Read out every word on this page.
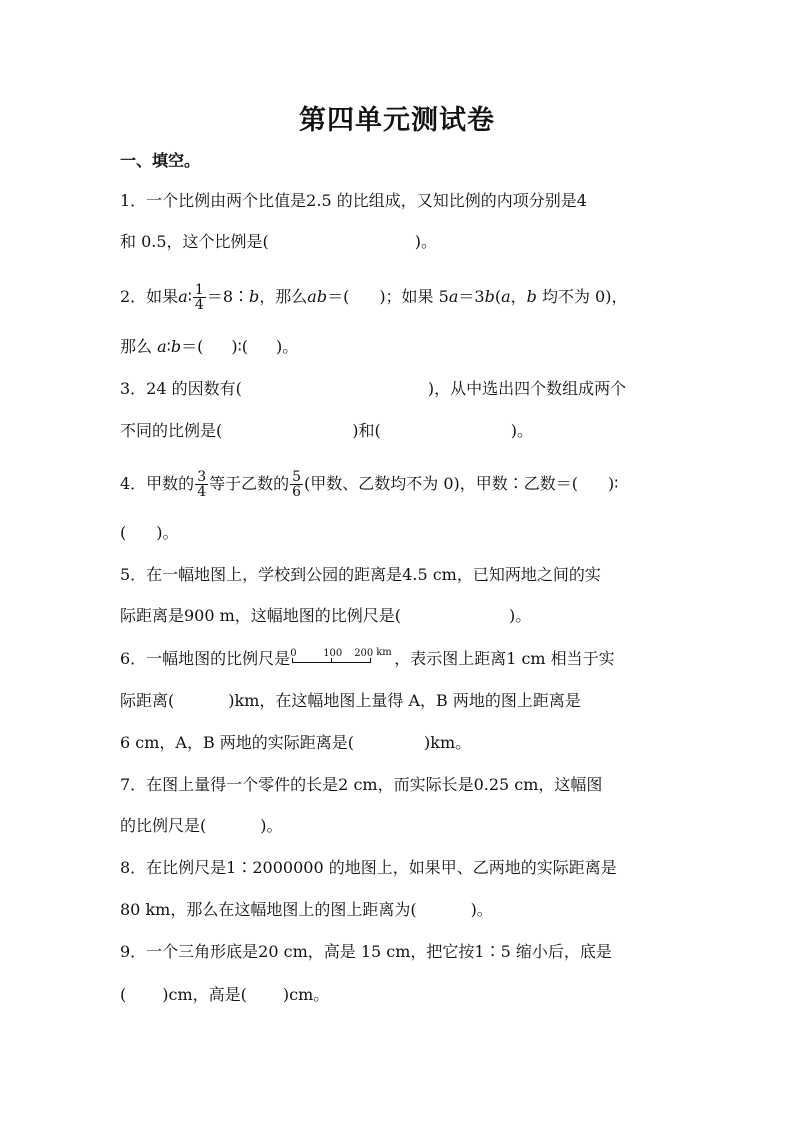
第四单元测试卷
一、填空。
1．一个比例由两个比值是2.5 的比组成，又知比例的内项分别是4
和 0.5，这个比例是(	)。
2．如果a∶ $\frac{1}{4}$ ＝8∶b，那么ab＝( )；如果 5a＝3b(a，b 均不为 0)，
那么 a∶b＝( )∶( )。
3．24 的因数有(	)，从中选出四个数组成两个
不同的比例是(	)和(	)。
4．甲数的 $\frac{3}{4}$ 等于乙数的 $\frac{5}{6}$ (甲数、乙数均不为 0)，甲数∶乙数＝( )∶
( )。
5．在一幅地图上，学校到公园的距离是4.5 cm，已知两地之间的实
际距离是900 m，这幅地图的比例尺是(	)。
6．一幅地图的比例尺是 0	100 200 km ，表示图上距离1 cm 相当于实
际距离(	)km，在这幅地图上量得 A，B 两地的图上距离是
6 cm，A，B 两地的实际距离是(	)km。
7．在图上量得一个零件的长是2 cm，而实际长是0.25 cm，这幅图
的比例尺是(	)。
8．在比例尺是1∶2000000 的地图上，如果甲、乙两地的实际距离是
80 km，那么在这幅地图上的图上距离为(	)。
9．一个三角形底是20 cm，高是 15 cm，把它按1∶5 缩小后，底是
( )cm，高是( )cm。
